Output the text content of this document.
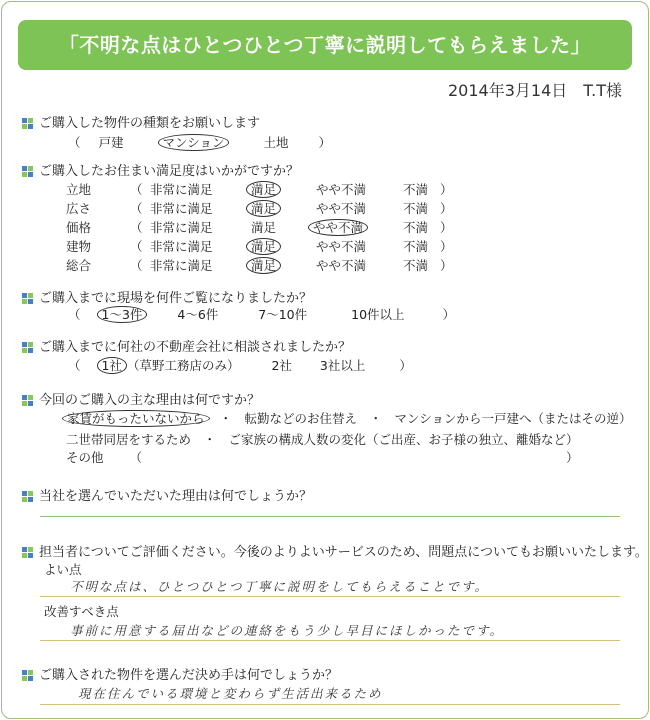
「不明な点はひとつひとつ丁寧に説明してもらえました」
2014年3月14日　T.T様
ご購入した物件の種類をお願いします
（ 戸建	マンション	土地 ）
ご購入したお住まい満足度はいかがですか？
立地	（ 非常に満足	満足	やや不満	不満 ）
広さ	（ 非常に満足	満足	やや不満	不満 ）
価格	（ 非常に満足	満足	やや不満	不満 ）
建物	（ 非常に満足	満足	やや不満	不満 ）
総合	（ 非常に満足	満足	やや不満	不満 ）
ご購入までに現場を何件ご覧になりましたか？
（ 1～3件	4～6件	7～10件	10件以上	）
ご購入までに何社の不動産会社に相談されましたか？
（ 1社 （草野工務店のみ）	2社 3社以上	）
今回のご購入の主な理由は何ですか？
家賃がもったいないから ・　転勤などのお住替え　・　マンションから一戸建へ（またはその逆）
二世帯同居をするため　・　ご家族の構成人数の変化（ご出産、お子様の独立、離婚など）
その他 （	）
当社を選んでいただいた理由は何でしょうか？
担当者についてご評価ください。今後のよりよいサービスのため、問題点についてもお願いいたします。
よい点
不明な点は、ひとつひとつ丁寧に説明をしてもらえることです。
改善すべき点
事前に用意する届出などの連絡をもう少し早目にほしかったです。
ご購入された物件を選んだ決め手は何でしょうか？
現在住んでいる環境と変わらず生活出来るため
